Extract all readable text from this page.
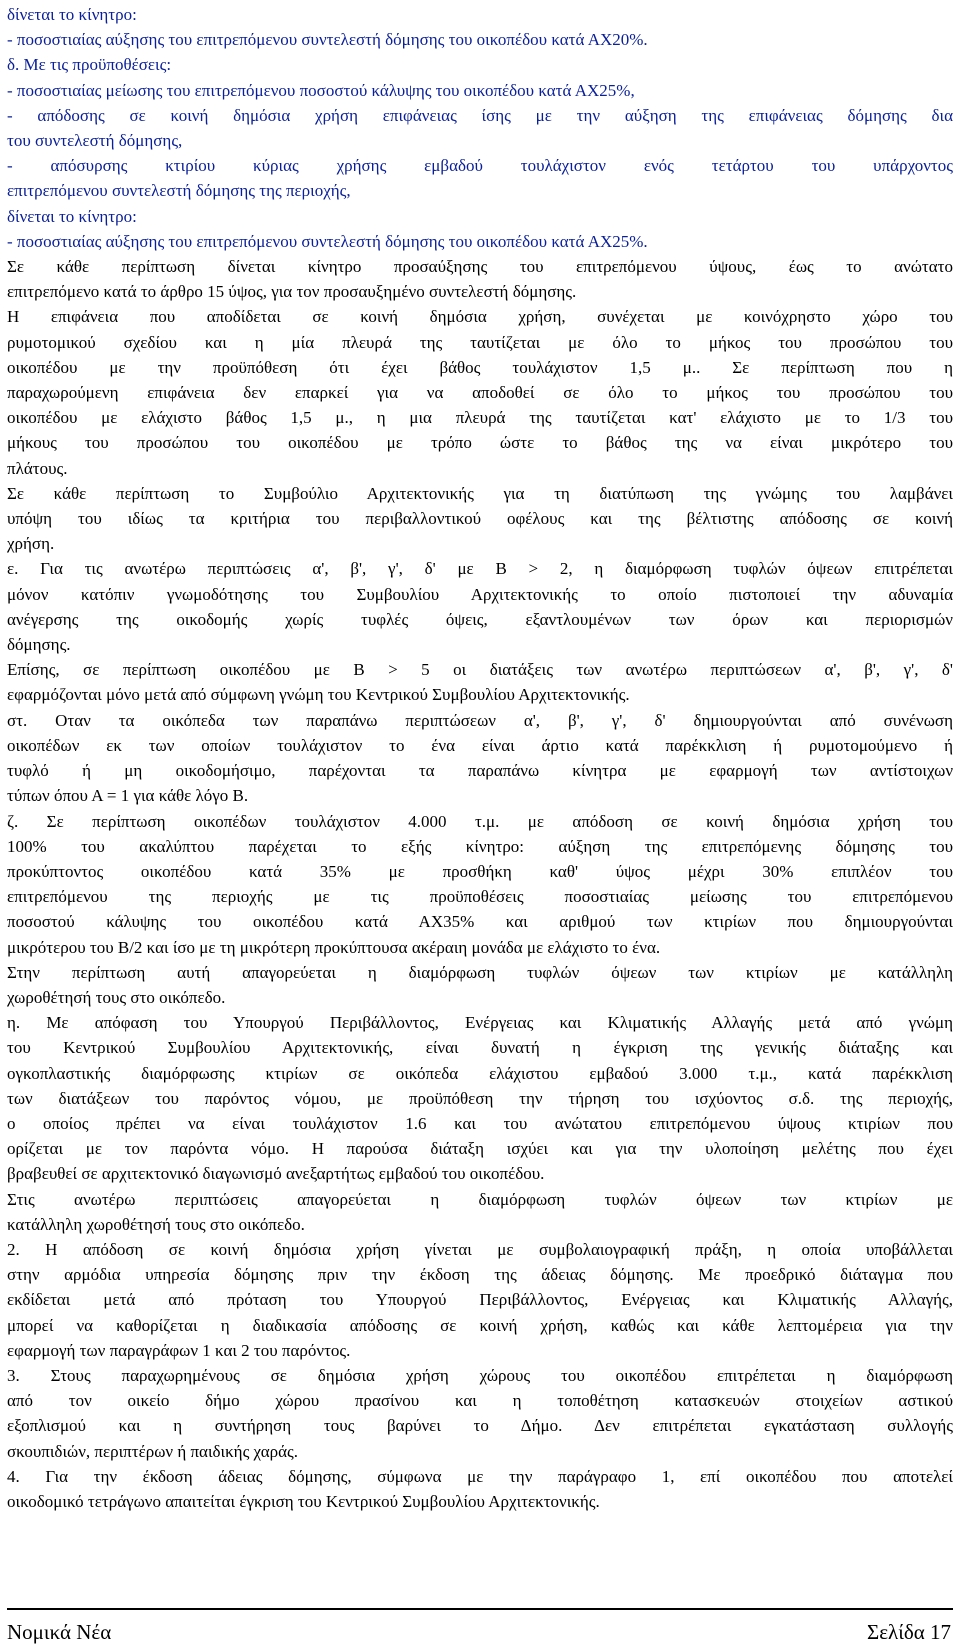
δίνεται το κίνητρο:
- ποσοστιαίας αύξησης του επιτρεπόμενου συντελεστή δόμησης του οικοπέδου κατά ΑΧ20%.
δ. Με τις προϋποθέσεις:
- ποσοστιαίας μείωσης του επιτρεπόμενου ποσοστού κάλυψης του οικοπέδου κατά ΑΧ25%,
- απόδοσης σε κοινή δημόσια χρήση επιφάνειας ίσης με την αύξηση της επιφάνειας δόμησης δια
του συντελεστή δόμησης,
- απόσυρσης κτιρίου κύριας χρήσης εμβαδού τουλάχιστον ενός τετάρτου του υπάρχοντος
επιτρεπόμενου συντελεστή δόμησης της περιοχής,
δίνεται το κίνητρο:
- ποσοστιαίας αύξησης του επιτρεπόμενου συντελεστή δόμησης του οικοπέδου κατά ΑΧ25%.
Σε κάθε περίπτωση δίνεται κίνητρο προσαύξησης του επιτρεπόμενου ύψους, έως το ανώτατο
επιτρεπόμενο κατά το άρθρο 15 ύψος, για τον προσαυξημένο συντελεστή δόμησης.
Η επιφάνεια που αποδίδεται σε κοινή δημόσια χρήση, συνέχεται με κοινόχρηστο χώρο του
ρυμοτομικού σχεδίου και η μία πλευρά της ταυτίζεται με όλο το μήκος του προσώπου του
οικοπέδου με την προϋπόθεση ότι έχει βάθος τουλάχιστον 1,5 μ.. Σε περίπτωση που η
παραχωρούμενη επιφάνεια δεν επαρκεί για να αποδοθεί σε όλο το μήκος του προσώπου του
οικοπέδου με ελάχιστο βάθος 1,5 μ., η μια πλευρά της ταυτίζεται κατ' ελάχιστο με το 1/3 του
μήκους του προσώπου του οικοπέδου με τρόπο ώστε το βάθος της να είναι μικρότερο του
πλάτους.
Σε κάθε περίπτωση το Συμβούλιο Αρχιτεκτονικής για τη διατύπωση της γνώμης του λαμβάνει
υπόψη του ιδίως τα κριτήρια του περιβαλλοντικού οφέλους και της βέλτιστης απόδοσης σε κοινή
χρήση.
ε. Για τις ανωτέρω περιπτώσεις α', β', γ', δ' με Β > 2, η διαμόρφωση τυφλών όψεων επιτρέπεται
μόνον κατόπιν γνωμοδότησης του Συμβουλίου Αρχιτεκτονικής το οποίο πιστοποιεί την αδυναμία
ανέγερσης της οικοδομής χωρίς τυφλές όψεις, εξαντλουμένων των όρων και περιορισμών
δόμησης.
Επίσης, σε περίπτωση οικοπέδου με Β > 5 οι διατάξεις των ανωτέρω περιπτώσεων α', β', γ', δ'
εφαρμόζονται μόνο μετά από σύμφωνη γνώμη του Κεντρικού Συμβουλίου Αρχιτεκτονικής.
στ. Οταν τα οικόπεδα των παραπάνω περιπτώσεων α', β', γ', δ' δημιουργούνται από συνένωση
οικοπέδων εκ των οποίων τουλάχιστον το ένα είναι άρτιο κατά παρέκκλιση ή ρυμοτομούμενο ή
τυφλό ή μη οικοδομήσιμο, παρέχονται τα παραπάνω κίνητρα με εφαρμογή των αντίστοιχων
τύπων όπου Α = 1 για κάθε λόγο Β.
ζ. Σε περίπτωση οικοπέδων τουλάχιστον 4.000 τ.μ. με απόδοση σε κοινή δημόσια χρήση του
100% του ακαλύπτου παρέχεται το εξής κίνητρο: αύξηση της επιτρεπόμενης δόμησης του
προκύπτοντος οικοπέδου κατά 35% με προσθήκη καθ' ύψος μέχρι 30% επιπλέον του
επιτρεπόμενου της περιοχής με τις προϋποθέσεις ποσοστιαίας μείωσης του επιτρεπόμενου
ποσοστού κάλυψης του οικοπέδου κατά ΑΧ35% και αριθμού των κτιρίων που δημιουργούνται
μικρότερου του Β/2 και ίσο με τη μικρότερη προκύπτουσα ακέραιη μονάδα με ελάχιστο το ένα.
Στην περίπτωση αυτή απαγορεύεται η διαμόρφωση τυφλών όψεων των κτιρίων με κατάλληλη
χωροθέτησή τους στο οικόπεδο.
η. Με απόφαση του Υπουργού Περιβάλλοντος, Ενέργειας και Κλιματικής Αλλαγής μετά από γνώμη
του Κεντρικού Συμβουλίου Αρχιτεκτονικής, είναι δυνατή η έγκριση της γενικής διάταξης και
ογκοπλαστικής διαμόρφωσης κτιρίων σε οικόπεδα ελάχιστου εμβαδού 3.000 τ.μ., κατά παρέκκλιση
των διατάξεων του παρόντος νόμου, με προϋπόθεση την τήρηση του ισχύοντος σ.δ. της περιοχής,
ο οποίος πρέπει να είναι τουλάχιστον 1.6 και του ανώτατου επιτρεπόμενου ύψους κτιρίων που
ορίζεται με τον παρόντα νόμο. Η παρούσα διάταξη ισχύει και για την υλοποίηση μελέτης που έχει
βραβευθεί σε αρχιτεκτονικό διαγωνισμό ανεξαρτήτως εμβαδού του οικοπέδου.
Στις ανωτέρω περιπτώσεις απαγορεύεται η διαμόρφωση τυφλών όψεων των κτιρίων με
κατάλληλη χωροθέτησή τους στο οικόπεδο.
2. Η απόδοση σε κοινή δημόσια χρήση γίνεται με συμβολαιογραφική πράξη, η οποία υποβάλλεται
στην αρμόδια υπηρεσία δόμησης πριν την έκδοση της άδειας δόμησης. Με προεδρικό διάταγμα που
εκδίδεται μετά από πρόταση του Υπουργού Περιβάλλοντος, Ενέργειας και Κλιματικής Αλλαγής,
μπορεί να καθορίζεται η διαδικασία απόδοσης σε κοινή χρήση, καθώς και κάθε λεπτομέρεια για την
εφαρμογή των παραγράφων 1 και 2 του παρόντος.
3. Στους παραχωρημένους σε δημόσια χρήση χώρους του οικοπέδου επιτρέπεται η διαμόρφωση
από τον οικείο δήμο χώρου πρασίνου και η τοποθέτηση κατασκευών στοιχείων αστικού
εξοπλισμού και η συντήρηση τους βαρύνει το Δήμο. Δεν επιτρέπεται εγκατάσταση συλλογής
σκουπιδιών, περιπτέρων ή παιδικής χαράς.
4. Για την έκδοση άδειας δόμησης, σύμφωνα με την παράγραφο 1, επί οικοπέδου που αποτελεί
οικοδομικό τετράγωνο απαιτείται έγκριση του Κεντρικού Συμβουλίου Αρχιτεκτονικής.
Νομικά Νέα	Σελίδα 17
